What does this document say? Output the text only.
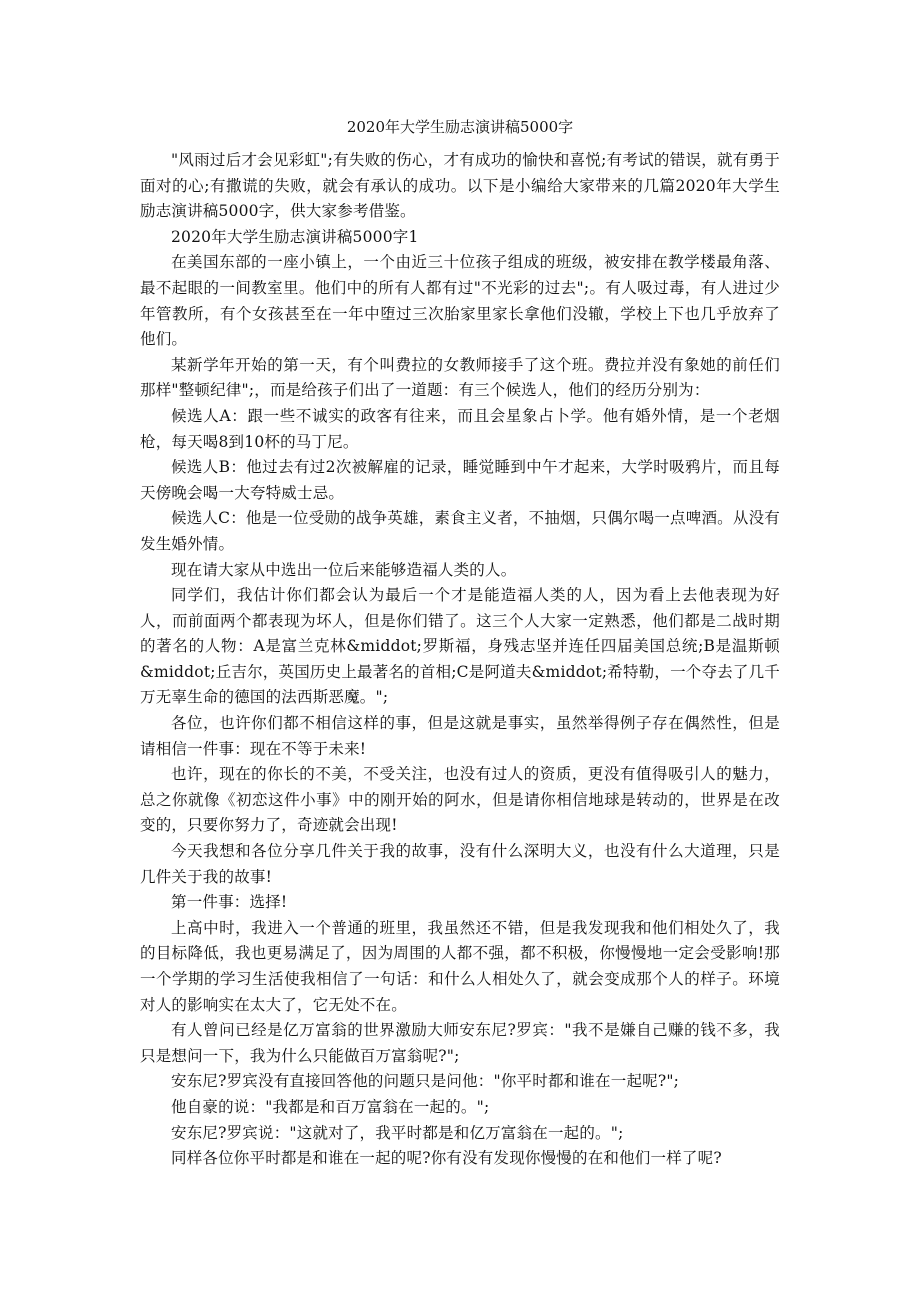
2020年大学生励志演讲稿5000字

"风雨过后才会见彩虹";有失败的伤心，才有成功的愉快和喜悦;有考试的错误，就有勇于面对的心;有撒谎的失败，就会有承认的成功。以下是小编给大家带来的几篇2020年大学生励志演讲稿5000字，供大家参考借鉴。

2020年大学生励志演讲稿5000字1

在美国东部的一座小镇上，一个由近三十位孩子组成的班级，被安排在教学楼最角落、最不起眼的一间教室里。他们中的所有人都有过"不光彩的过去";。有人吸过毒，有人进过少年管教所，有个女孩甚至在一年中堕过三次胎家里家长拿他们没辙，学校上下也几乎放弃了他们。

某新学年开始的第一天，有个叫费拉的女教师接手了这个班。费拉并没有象她的前任们那样"整顿纪律";，而是给孩子们出了一道题：有三个候选人，他们的经历分别为：

候选人A：跟一些不诚实的政客有往来，而且会星象占卜学。他有婚外情，是一个老烟枪，每天喝8到10杯的马丁尼。

候选人B：他过去有过2次被解雇的记录，睡觉睡到中午才起来，大学时吸鸦片，而且每天傍晚会喝一大夸特威士忌。

候选人C：他是一位受勋的战争英雄，素食主义者，不抽烟，只偶尔喝一点啤酒。从没有发生婚外情。

现在请大家从中选出一位后来能够造福人类的人。

同学们，我估计你们都会认为最后一个才是能造福人类的人，因为看上去他表现为好人，而前面两个都表现为坏人，但是你们错了。这三个人大家一定熟悉，他们都是二战时期的著名的人物：A是富兰克林&middot;罗斯福，身残志坚并连任四届美国总统;B是温斯顿&middot;丘吉尔，英国历史上最著名的首相;C是阿道夫&middot;希特勒，一个夺去了几千万无辜生命的德国的法西斯恶魔。";

各位，也许你们都不相信这样的事，但是这就是事实，虽然举得例子存在偶然性，但是请相信一件事：现在不等于未来!

也许，现在的你长的不美，不受关注，也没有过人的资质，更没有值得吸引人的魅力，总之你就像《初恋这件小事》中的刚开始的阿水，但是请你相信地球是转动的，世界是在改变的，只要你努力了，奇迹就会出现!

今天我想和各位分享几件关于我的故事，没有什么深明大义，也没有什么大道理，只是几件关于我的故事!

第一件事：选择!

上高中时，我进入一个普通的班里，我虽然还不错，但是我发现我和他们相处久了，我的目标降低，我也更易满足了，因为周围的人都不强，都不积极，你慢慢地一定会受影响!那一个学期的学习生活使我相信了一句话：和什么人相处久了，就会变成那个人的样子。环境对人的影响实在太大了，它无处不在。

有人曾问已经是亿万富翁的世界激励大师安东尼?罗宾："我不是嫌自己赚的钱不多，我只是想问一下，我为什么只能做百万富翁呢?";

安东尼?罗宾没有直接回答他的问题只是问他："你平时都和谁在一起呢?";

他自豪的说："我都是和百万富翁在一起的。";

安东尼?罗宾说："这就对了，我平时都是和亿万富翁在一起的。";

同样各位你平时都是和谁在一起的呢?你有没有发现你慢慢的在和他们一样了呢?
